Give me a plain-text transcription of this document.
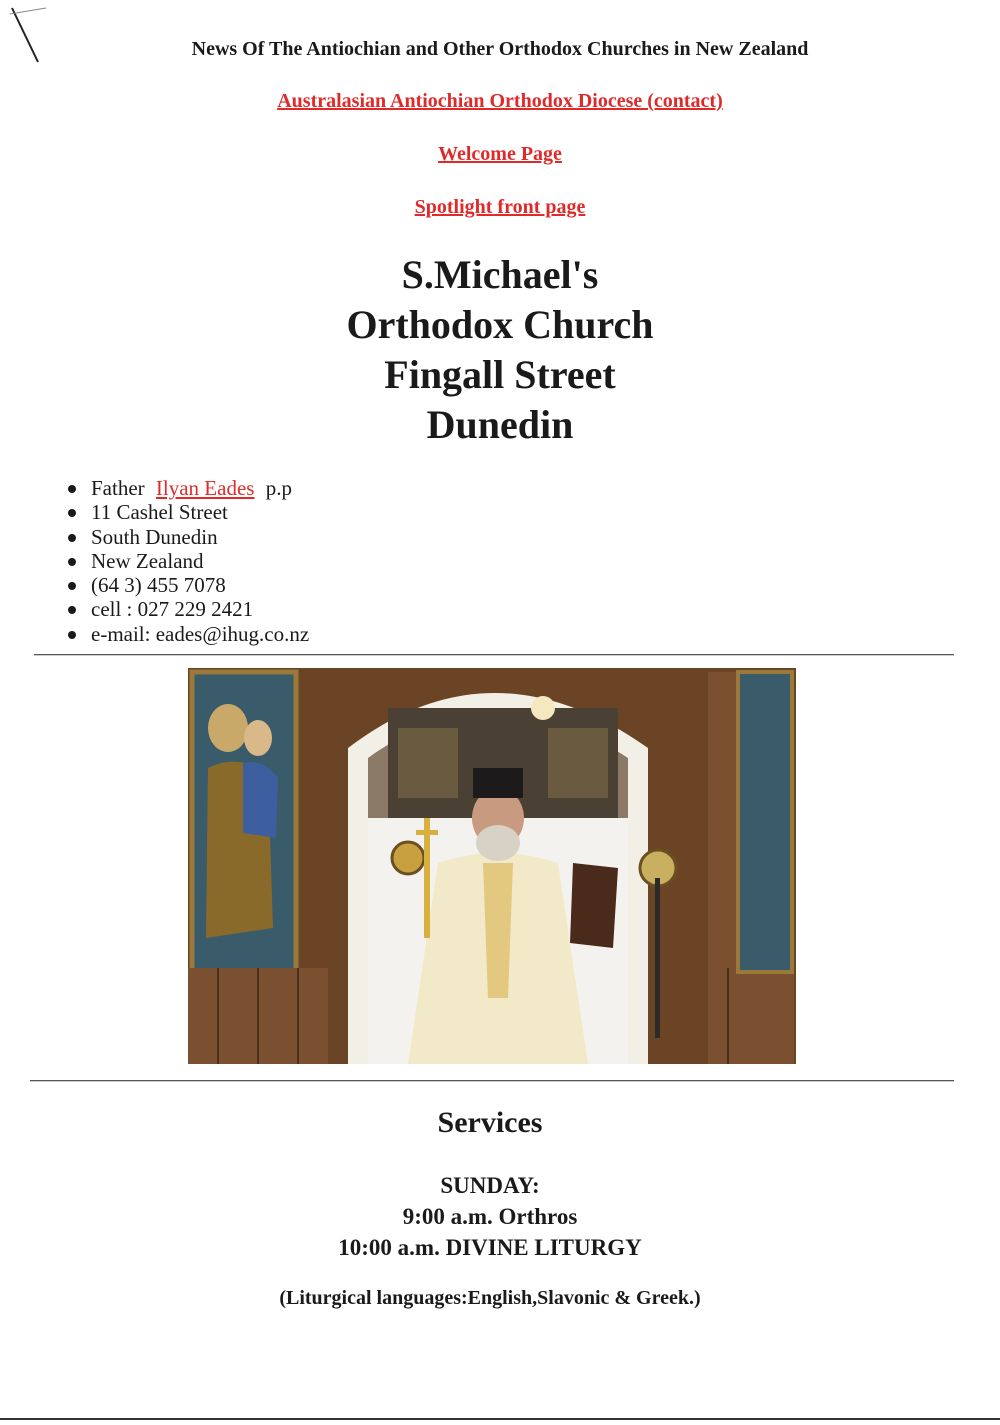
News Of The Antiochian and Other Orthodox Churches in New Zealand
Australasian Antiochian Orthodox Diocese (contact)
Welcome Page
Spotlight front page
S.Michael's
Orthodox Church
Fingall Street
Dunedin
Father Ilyan Eades p.p
11 Cashel Street
South Dunedin
New Zealand
(64 3) 455 7078
cell : 027 229 2421
e-mail: eades@ihug.co.nz
Services
SUNDAY:
9:00 a.m. Orthros
10:00 a.m. DIVINE LITURGY
(Liturgical languages:English,Slavonic & Greek.)
